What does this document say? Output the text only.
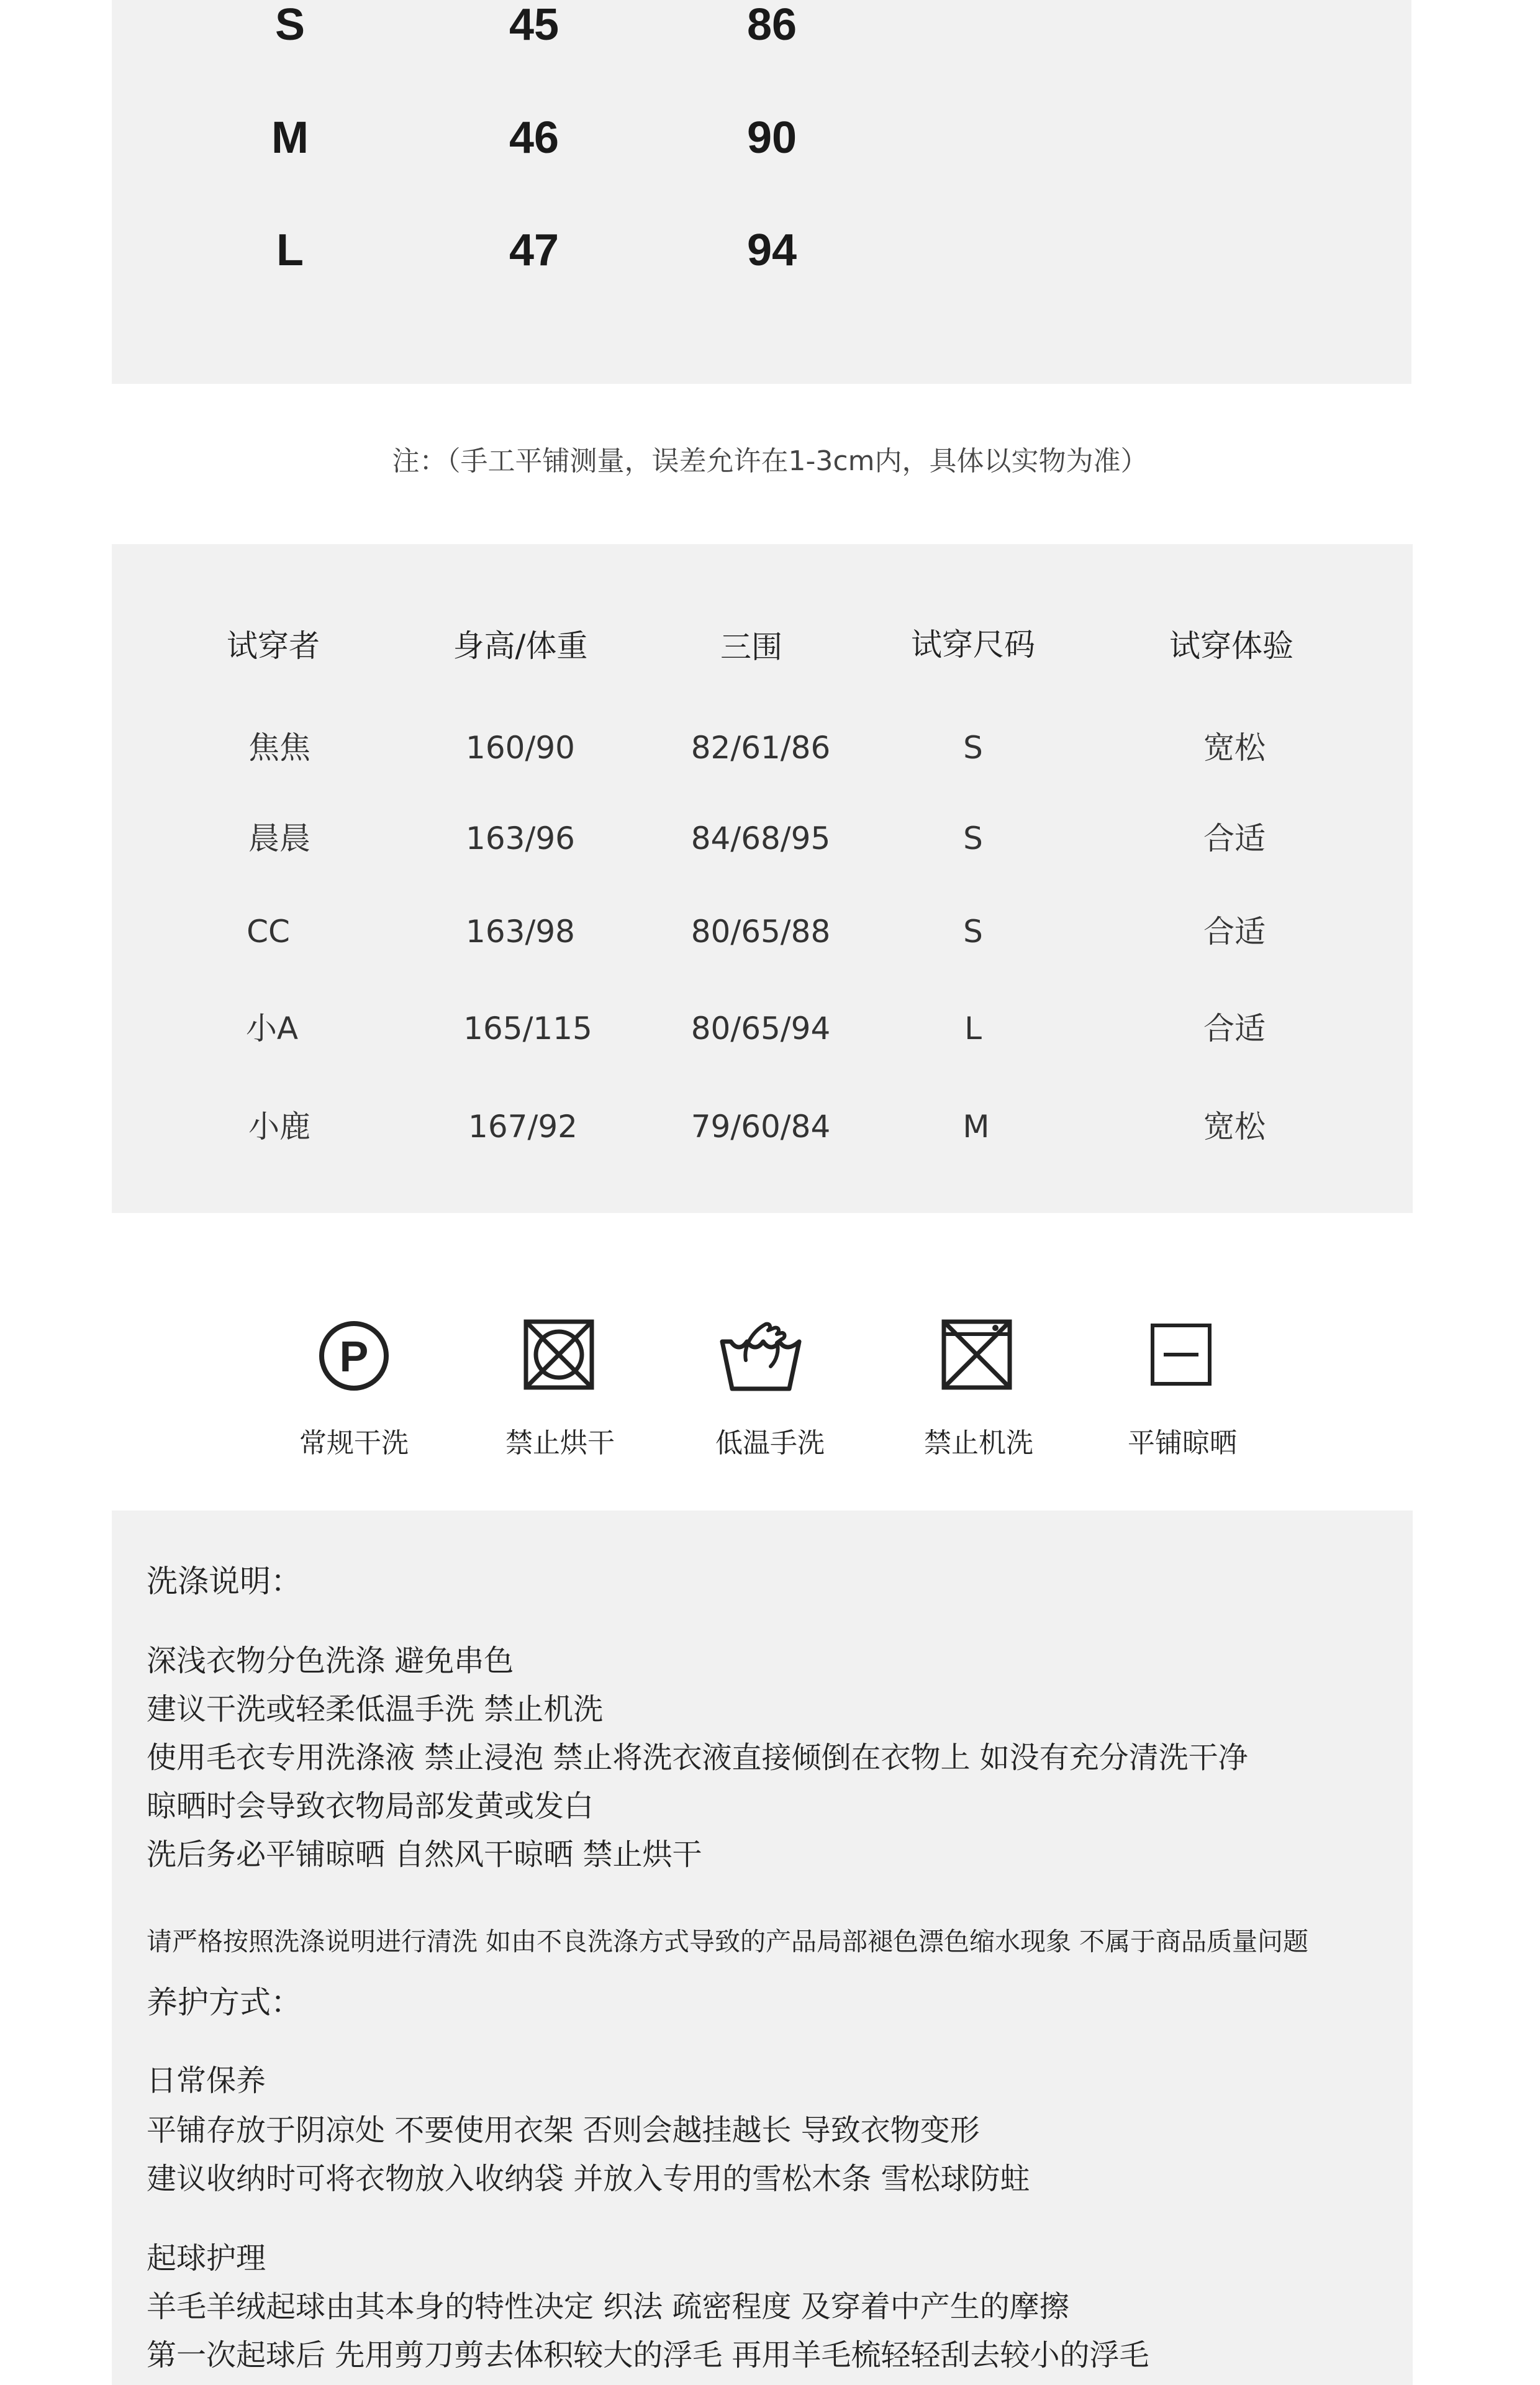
S	45	86
M	46	90
L	47	94
注：（手工平铺测量，误差允许在1-3cm内，具体以实物为准）
试穿者	身高/体重	三围	试穿尺码	试穿体验
焦焦	160/90	82/61/86	S	宽松
晨晨	163/96	84/68/95	S	合适
CC	163/98	80/65/88	S	合适
小A	165/115	80/65/94	L	合适
小鹿	167/92	79/60/84	M	宽松
P
常规干洗	禁止烘干	低温手洗	禁止机洗	平铺晾晒
洗涤说明：
深浅衣物分色洗涤 避免串色
建议干洗或轻柔低温手洗 禁止机洗
使用毛衣专用洗涤液 禁止浸泡 禁止将洗衣液直接倾倒在衣物上 如没有充分清洗干净
晾晒时会导致衣物局部发黄或发白
洗后务必平铺晾晒 自然风干晾晒 禁止烘干
请严格按照洗涤说明进行清洗 如由不良洗涤方式导致的产品局部褪色漂色缩水现象 不属于商品质量问题
养护方式：
日常保养
平铺存放于阴凉处 不要使用衣架 否则会越挂越长 导致衣物变形
建议收纳时可将衣物放入收纳袋 并放入专用的雪松木条 雪松球防蛀
起球护理
羊毛羊绒起球由其本身的特性决定 织法 疏密程度 及穿着中产生的摩擦
第一次起球后 先用剪刀剪去体积较大的浮毛 再用羊毛梳轻轻刮去较小的浮毛
